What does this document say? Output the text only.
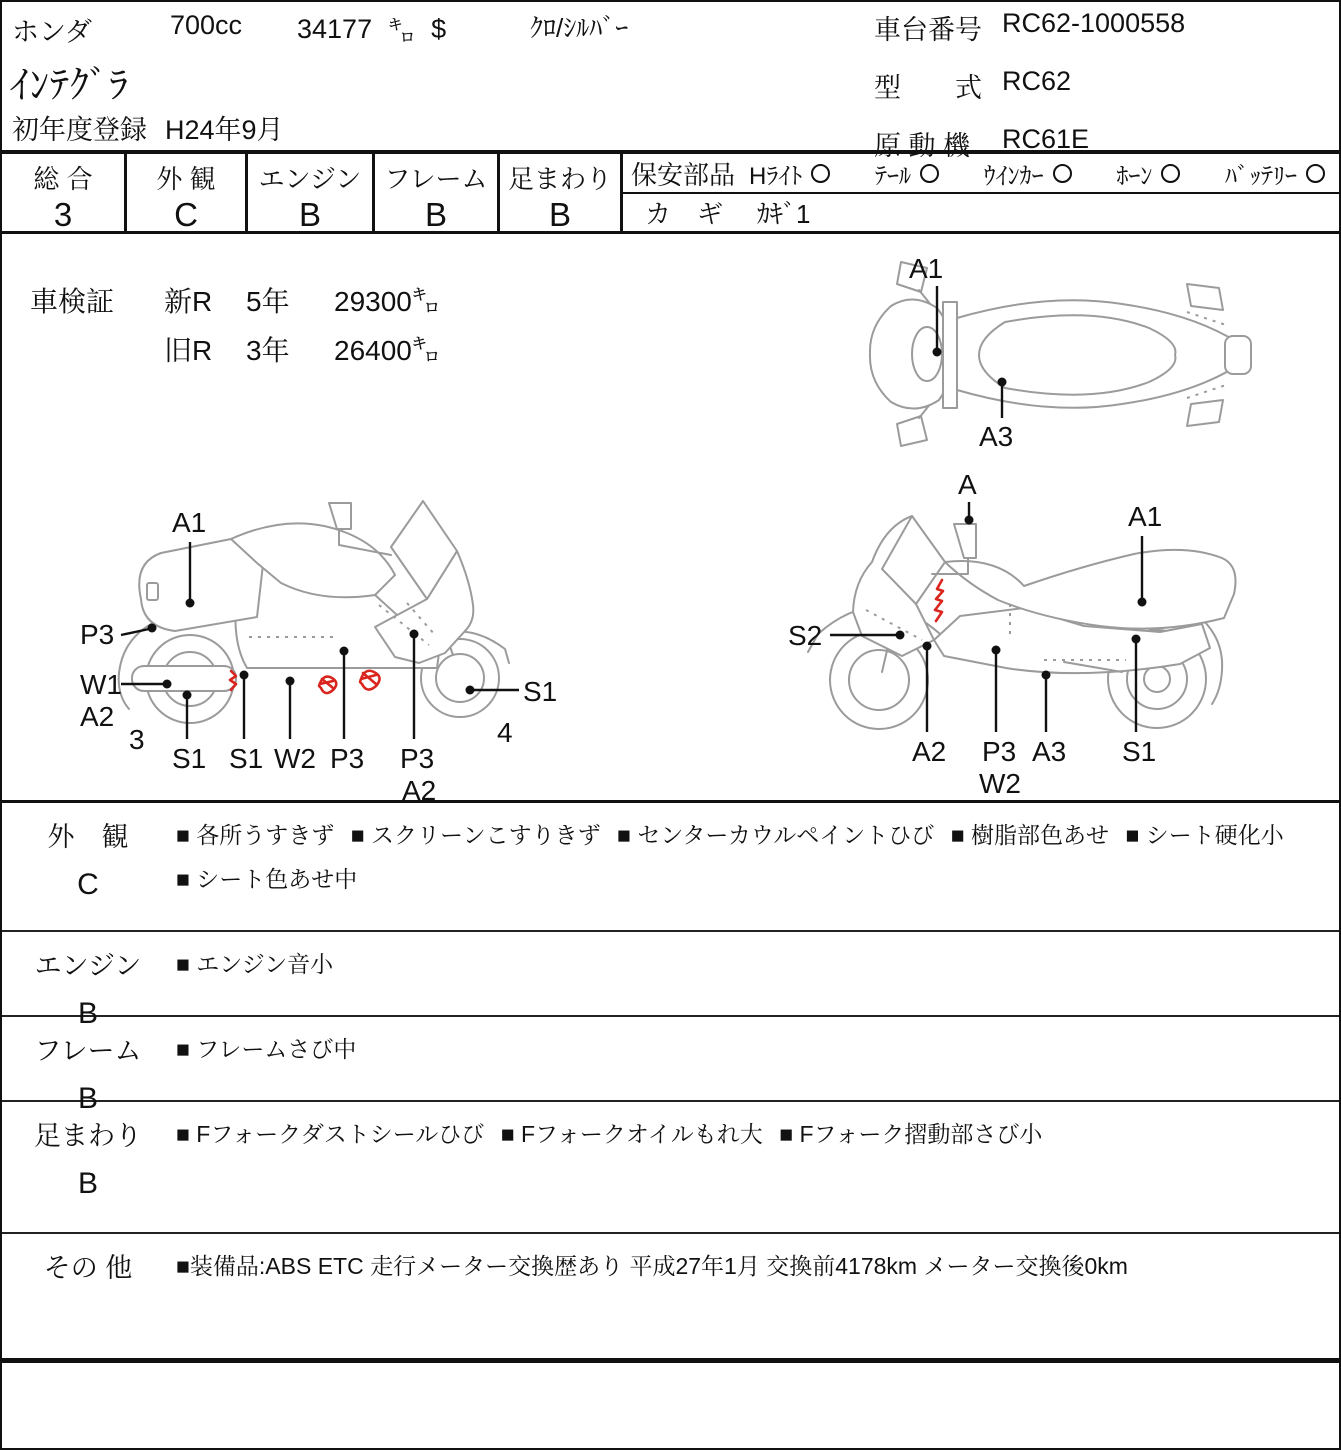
ホンダ	700cc 34177 ㌔ $	ｸﾛ/ｼﾙﾊﾞｰ
ｲﾝﾃｸﾞﾗ
初年度登録 H24年9月
車台番号 RC62-1000558
型　　式 RC62
原 動 機	RC61E
総 合
3
外 観
C
エンジン
B
フレーム
B
足まわり
B
保安部品 Hﾗｲﾄ	ﾃｰﾙ	ｳｲﾝｶｰ	ﾎｰﾝ	ﾊﾞｯﾃﾘｰ
カ　ギ ｶｷﾞ1
車検証 新R	5年	29300㌔
旧R	3年	26400㌔
A1
A3
A1
P3
W1
A2
3
S1 S1 W2 P3 P3
A2
S1
4
A
A1
S2
A2 P3
W2
A3 S1
外　観
C
■ 各所うすきず ■ スクリーンこすりきず ■ センターカウルペイントひび ■ 樹脂部色あせ ■ シート硬化小 ■ シート色あせ中
エンジン
B
■ エンジン音小
フレーム
B
■ フレームさび中
足まわり
B
■ Fフォークダストシールひび ■ Fフォークオイルもれ大 ■ Fフォーク摺動部さび小
その 他 ■装備品:ABS ETC 走行メーター交換歴あり 平成27年1月 交換前4178km メーター交換後0km
